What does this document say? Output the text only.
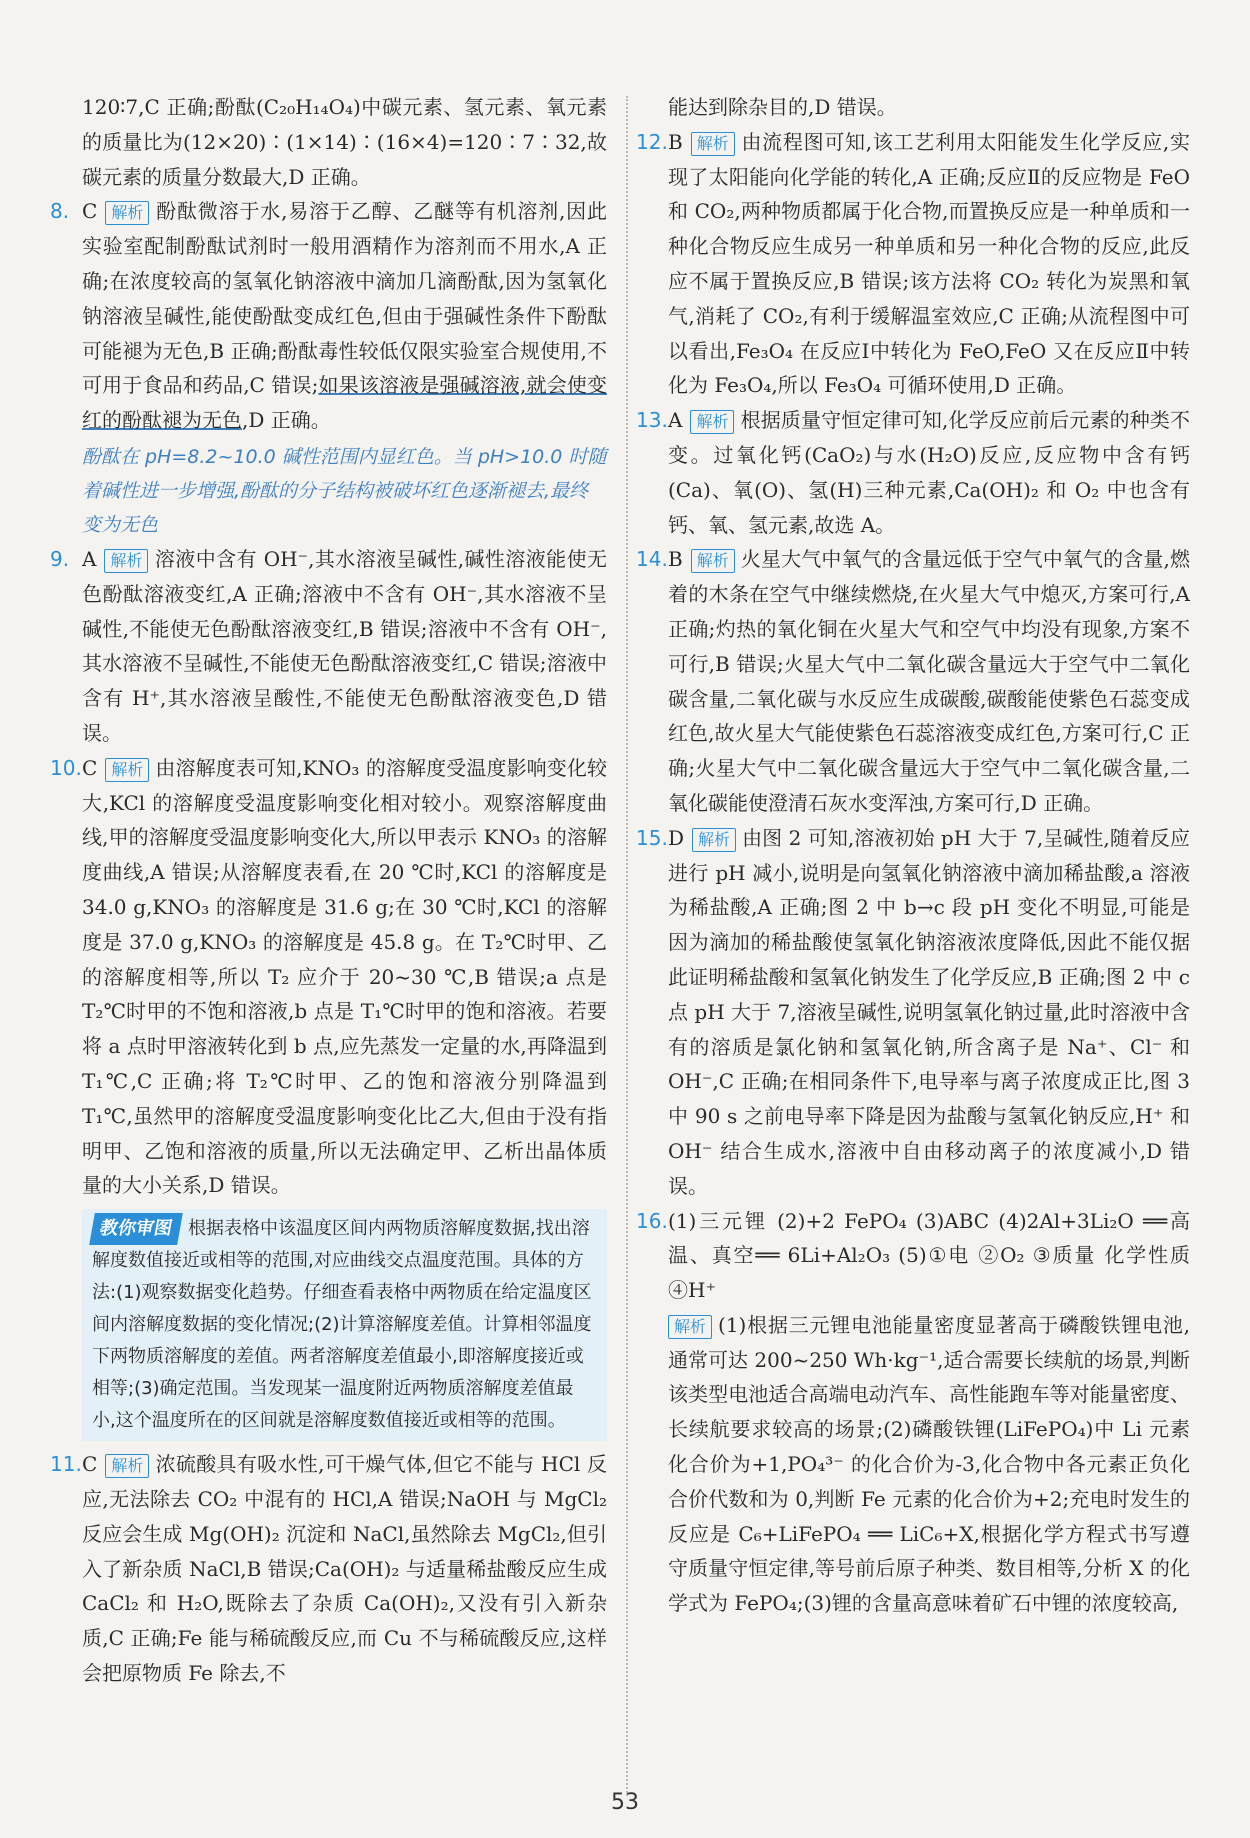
120∶7,C 正确;酚酞(C₂₀H₁₄O₄)中碳元素、氢元素、氧元素的质量比为(12×20)∶(1×14)∶(16×4)=120∶7∶32,故碳元素的质量分数最大,D 正确。

8. C 解析 酚酞微溶于水,易溶于乙醇、乙醚等有机溶剂,因此实验室配制酚酞试剂时一般用酒精作为溶剂而不用水,A 正确;在浓度较高的氢氧化钠溶液中滴加几滴酚酞,因为氢氧化钠溶液呈碱性,能使酚酞变成红色,但由于强碱性条件下酚酞可能褪为无色,B 正确;酚酞毒性较低仅限实验室合规使用,不可用于食品和药品,C 错误;如果该溶液是强碱溶液,就会使变红的酚酞褪为无色,D 正确。

酚酞在 pH=8.2~10.0 碱性范围内显红色。当 pH>10.0 时随着碱性进一步增强,酚酞的分子结构被破坏红色逐渐褪去,最终变为无色

9. A 解析 溶液中含有 OH⁻,其水溶液呈碱性,碱性溶液能使无色酚酞溶液变红,A 正确;溶液中不含有 OH⁻,其水溶液不呈碱性,不能使无色酚酞溶液变红,B 错误;溶液中不含有 OH⁻,其水溶液不呈碱性,不能使无色酚酞溶液变红,C 错误;溶液中含有 H⁺,其水溶液呈酸性,不能使无色酚酞溶液变色,D 错误。
10. C 解析 由溶解度表可知,KNO₃ 的溶解度受温度影响变化较大,KCl 的溶解度受温度影响变化相对较小。观察溶解度曲线,甲的溶解度受温度影响变化大,所以甲表示 KNO₃ 的溶解度曲线,A 错误;从溶解度表看,在 20 ℃时,KCl 的溶解度是 34.0 g,KNO₃ 的溶解度是 31.6 g;在 30 ℃时,KCl 的溶解度是 37.0 g,KNO₃ 的溶解度是 45.8 g。在 T₂℃时甲、乙的溶解度相等,所以 T₂ 应介于 20~30 ℃,B 错误;a 点是 T₂℃时甲的不饱和溶液,b 点是 T₁℃时甲的饱和溶液。若要将 a 点时甲溶液转化到 b 点,应先蒸发一定量的水,再降温到 T₁℃,C 正确;将 T₂℃时甲、乙的饱和溶液分别降温到 T₁℃,虽然甲的溶解度受温度影响变化比乙大,但由于没有指明甲、乙饱和溶液的质量,所以无法确定甲、乙析出晶体质量的大小关系,D 错误。
教你审图 根据表格中该温度区间内两物质溶解度数据,找出溶解度数值接近或相等的范围,对应曲线交点温度范围。具体的方法:(1)观察数据变化趋势。仔细查看表格中两物质在给定温度区间内溶解度数据的变化情况;(2)计算溶解度差值。计算相邻温度下两物质溶解度的差值。两者溶解度差值最小,即溶解度接近或相等;(3)确定范围。当发现某一温度附近两物质溶解度差值最小,这个温度所在的区间就是溶解度数值接近或相等的范围。
11. C 解析 浓硫酸具有吸水性,可干燥气体,但它不能与 HCl 反应,无法除去 CO₂ 中混有的 HCl,A 错误;NaOH 与 MgCl₂ 反应会生成 Mg(OH)₂ 沉淀和 NaCl,虽然除去 MgCl₂,但引入了新杂质 NaCl,B 错误;Ca(OH)₂ 与适量稀盐酸反应生成 CaCl₂ 和 H₂O,既除去了杂质 Ca(OH)₂,又没有引入新杂质,C 正确;Fe 能与稀硫酸反应,而 Cu 不与稀硫酸反应,这样会把原物质 Fe 除去,不

能达到除杂目的,D 错误。

12. B 解析 由流程图可知,该工艺利用太阳能发生化学反应,实现了太阳能向化学能的转化,A 正确;反应Ⅱ的反应物是 FeO 和 CO₂,两种物质都属于化合物,而置换反应是一种单质和一种化合物反应生成另一种单质和另一种化合物的反应,此反应不属于置换反应,B 错误;该方法将 CO₂ 转化为炭黑和氧气,消耗了 CO₂,有利于缓解温室效应,C 正确;从流程图中可以看出,Fe₃O₄ 在反应Ⅰ中转化为 FeO,FeO 又在反应Ⅱ中转化为 Fe₃O₄,所以 Fe₃O₄ 可循环使用,D 正确。
13. A 解析 根据质量守恒定律可知,化学反应前后元素的种类不变。过氧化钙(CaO₂)与水(H₂O)反应,反应物中含有钙(Ca)、氧(O)、氢(H)三种元素,Ca(OH)₂ 和 O₂ 中也含有钙、氧、氢元素,故选 A。
14. B 解析 火星大气中氧气的含量远低于空气中氧气的含量,燃着的木条在空气中继续燃烧,在火星大气中熄灭,方案可行,A 正确;灼热的氧化铜在火星大气和空气中均没有现象,方案不可行,B 错误;火星大气中二氧化碳含量远大于空气中二氧化碳含量,二氧化碳与水反应生成碳酸,碳酸能使紫色石蕊变成红色,故火星大气能使紫色石蕊溶液变成红色,方案可行,C 正确;火星大气中二氧化碳含量远大于空气中二氧化碳含量,二氧化碳能使澄清石灰水变浑浊,方案可行,D 正确。
15. D 解析 由图 2 可知,溶液初始 pH 大于 7,呈碱性,随着反应进行 pH 减小,说明是向氢氧化钠溶液中滴加稀盐酸,a 溶液为稀盐酸,A 正确;图 2 中 b→c 段 pH 变化不明显,可能是因为滴加的稀盐酸使氢氧化钠溶液浓度降低,因此不能仅据此证明稀盐酸和氢氧化钠发生了化学反应,B 正确;图 2 中 c 点 pH 大于 7,溶液呈碱性,说明氢氧化钠过量,此时溶液中含有的溶质是氯化钠和氢氧化钠,所含离子是 Na⁺、Cl⁻ 和 OH⁻,C 正确;在相同条件下,电导率与离子浓度成正比,图 3 中 90 s 之前电导率下降是因为盐酸与氢氧化钠反应,H⁺ 和 OH⁻ 结合生成水,溶液中自由移动离子的浓度减小,D 错误。
16. (1)三元锂 (2)+2 FePO₄ (3)ABC (4)2Al+3Li₂O ══高温、真空══ 6Li+Al₂O₃ (5)①电 ②O₂ ③质量 化学性质 ④H⁺
解析 (1)根据三元锂电池能量密度显著高于磷酸铁锂电池,通常可达 200~250 Wh·kg⁻¹,适合需要长续航的场景,判断该类型电池适合高端电动汽车、高性能跑车等对能量密度、长续航要求较高的场景;(2)磷酸铁锂(LiFePO₄)中 Li 元素化合价为+1,PO₄³⁻ 的化合价为-3,化合物中各元素正负化合价代数和为 0,判断 Fe 元素的化合价为+2;充电时发生的反应是 C₆+LiFePO₄ ══ LiC₆+X,根据化学方程式书写遵守质量守恒定律,等号前后原子种类、数目相等,分析 X 的化学式为 FePO₄;(3)锂的含量高意味着矿石中锂的浓度较高,
53
